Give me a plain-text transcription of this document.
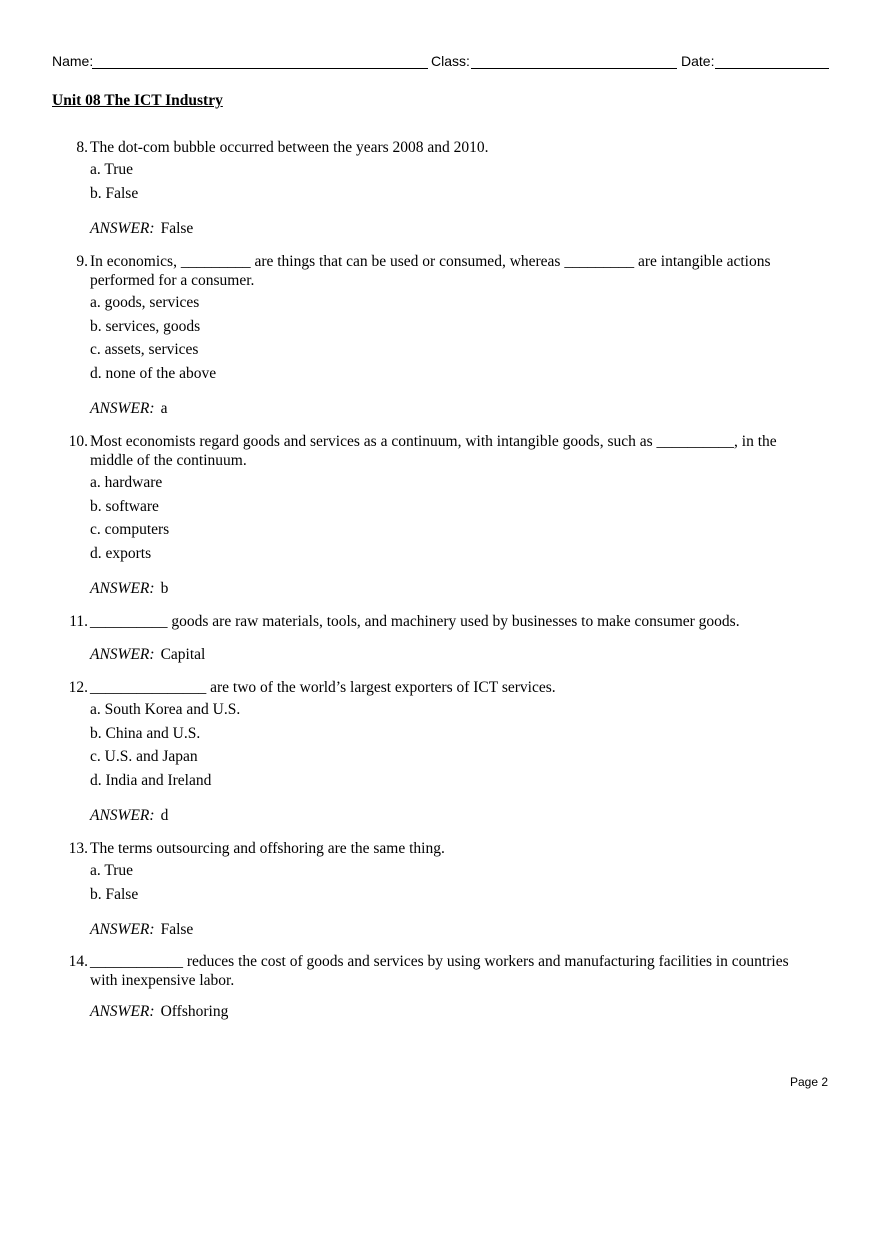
Name:	Class:	Date:
Unit 08 The ICT Industry
8. The dot-com bubble occurred between the years 2008 and 2010.
a. True
b. False
ANSWER: False
9. In economics, _________ are things that can be used or consumed, whereas _________ are intangible actions performed for a consumer.
a. goods, services
b. services, goods
c. assets, services
d. none of the above
ANSWER: a
10. Most economists regard goods and services as a continuum, with intangible goods, such as __________, in the middle of the continuum.
a. hardware
b. software
c. computers
d. exports
ANSWER: b
11. __________ goods are raw materials, tools, and machinery used by businesses to make consumer goods.
ANSWER: Capital
12. _______________ are two of the world’s largest exporters of ICT services.
a. South Korea and U.S.
b. China and U.S.
c. U.S. and Japan
d. India and Ireland
ANSWER: d
13. The terms outsourcing and offshoring are the same thing.
a. True
b. False
ANSWER: False
14. ____________ reduces the cost of goods and services by using workers and manufacturing facilities in countries with inexpensive labor.
ANSWER: Offshoring
Page 2
